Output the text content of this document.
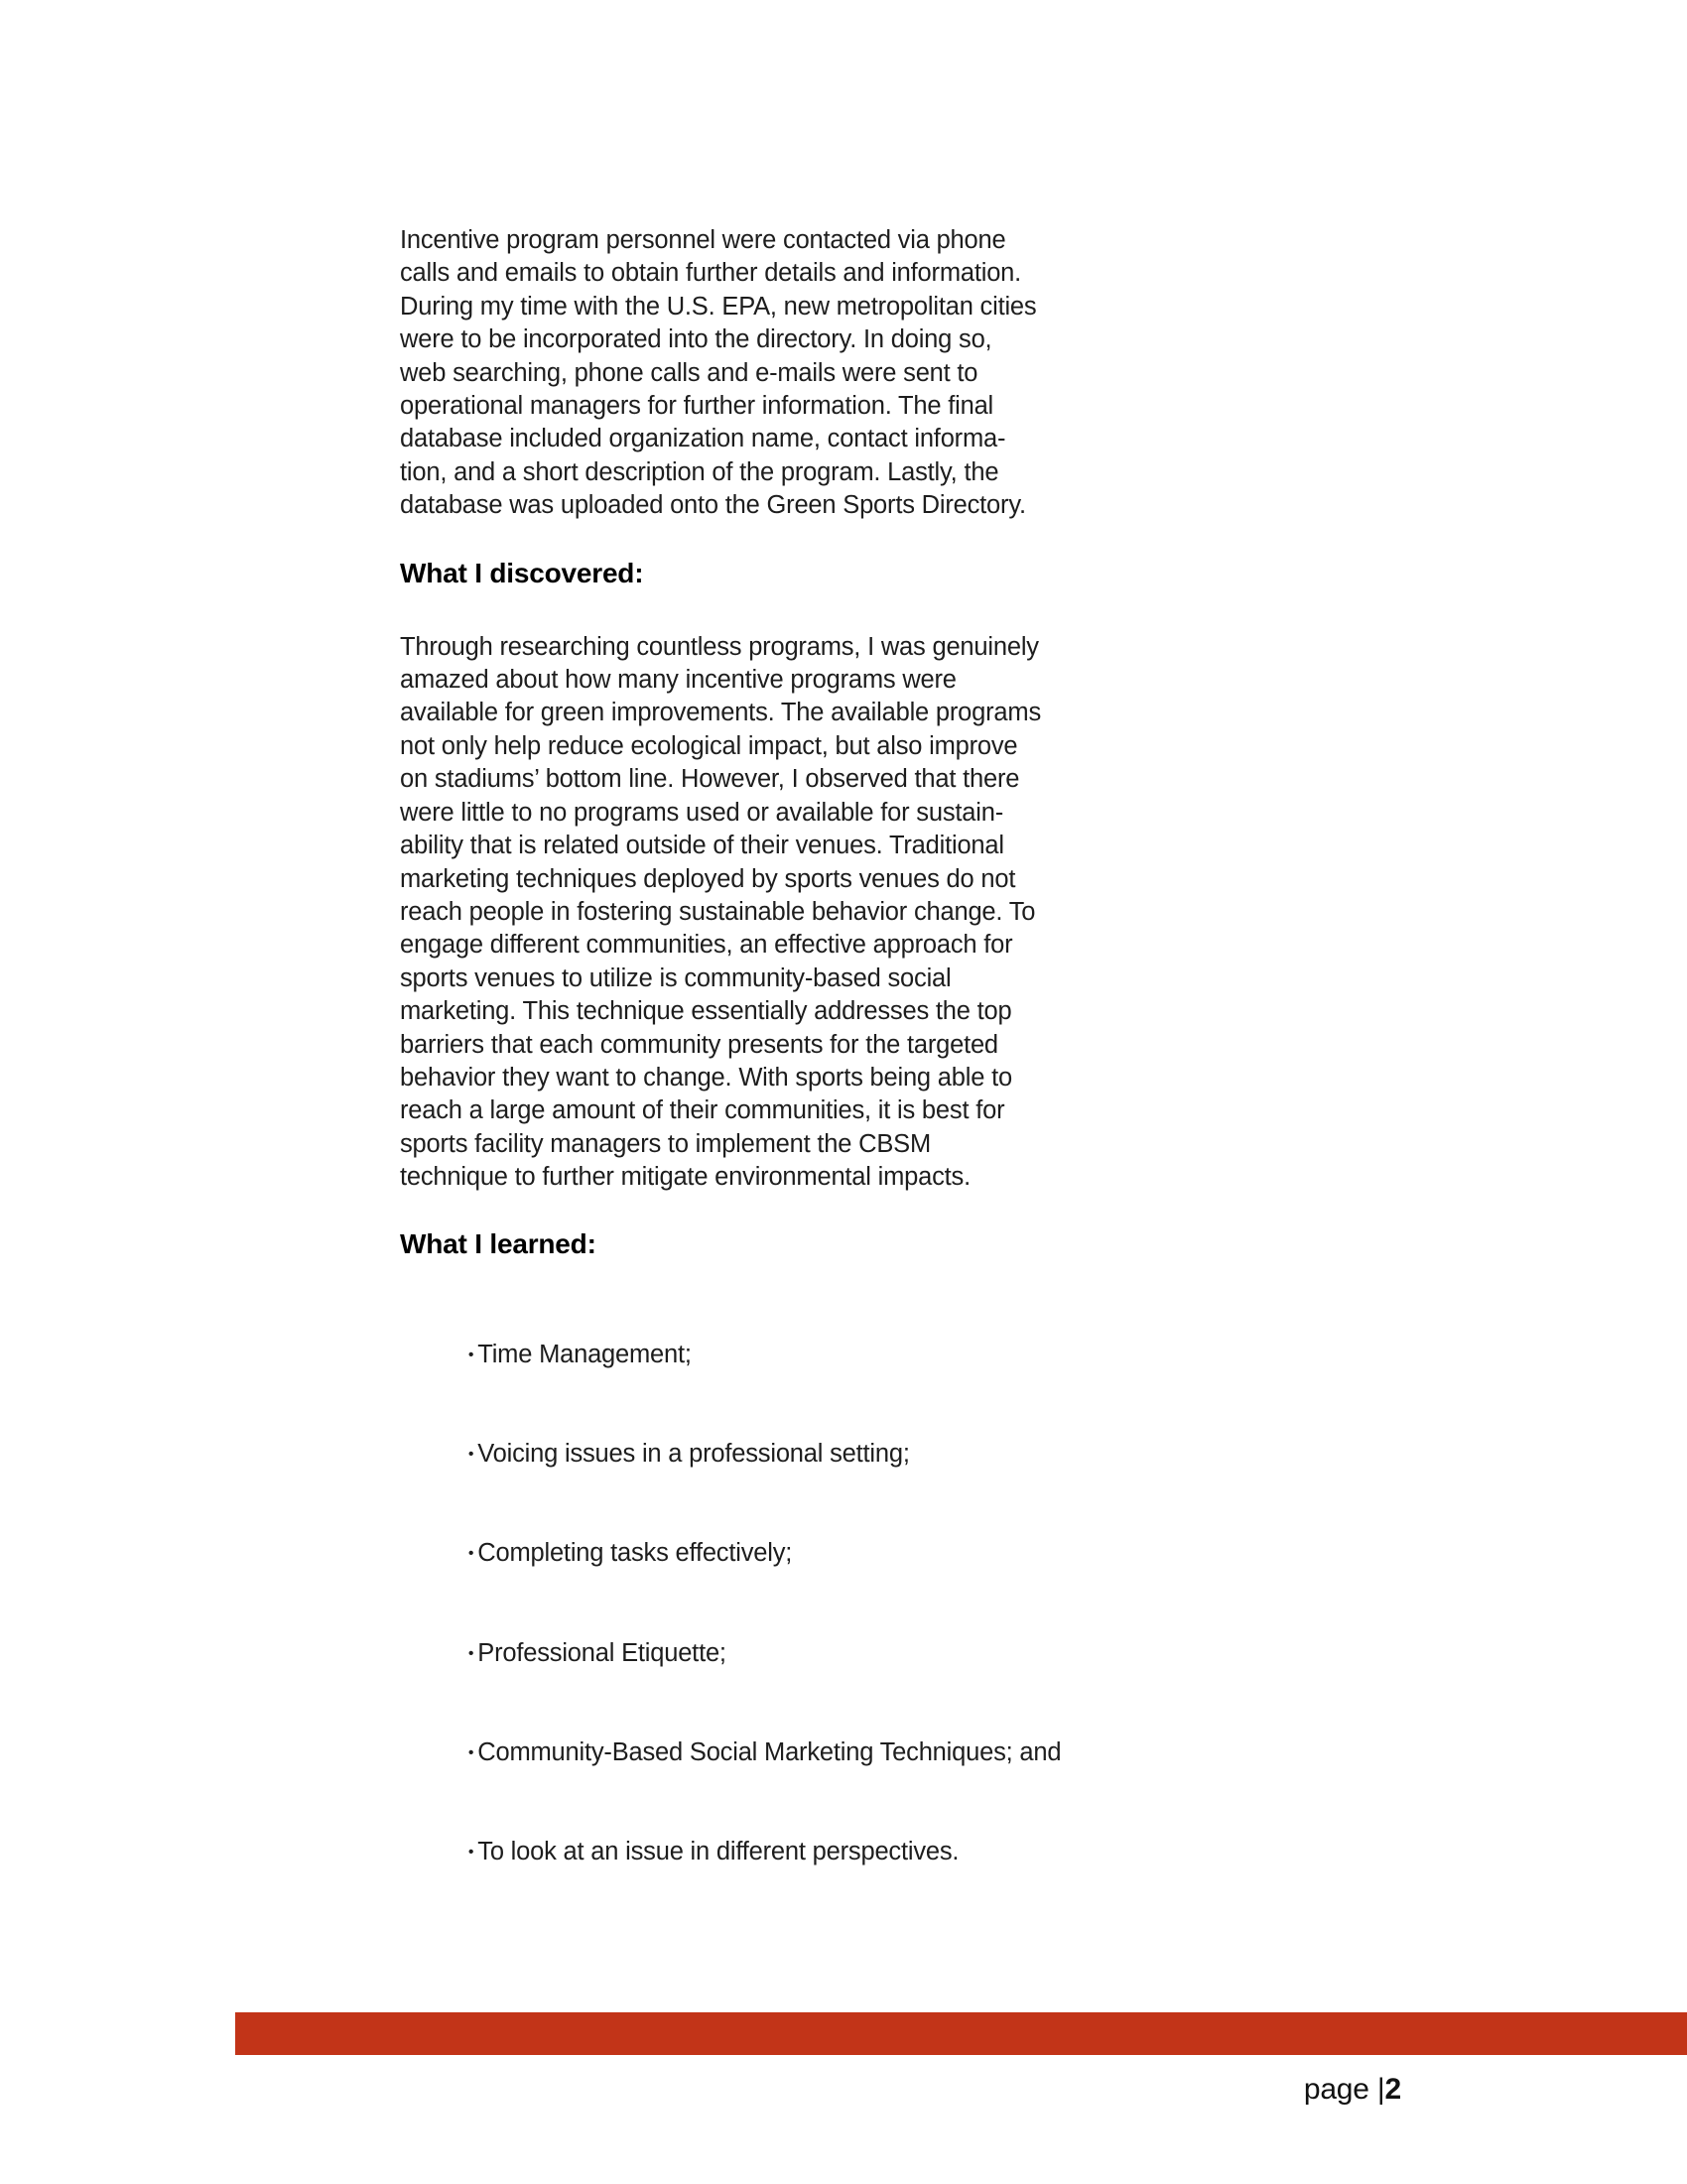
Incentive program personnel were contacted via phone
calls and emails to obtain further details and information.
During my time with the U.S. EPA, new metropolitan cities
were to be incorporated into the directory. In doing so,
web searching, phone calls and e-mails were sent to
operational managers for further information. The final
database included organization name, contact informa-
tion, and a short description of the program. Lastly, the
database was uploaded onto the Green Sports Directory.
What I discovered:
Through researching countless programs, I was genuinely
amazed about how many incentive programs were
available for green improvements. The available programs
not only help reduce ecological impact, but also improve
on stadiums’ bottom line. However, I observed that there
were little to no programs used or available for sustain-
ability that is related outside of their venues. Traditional
marketing techniques deployed by sports venues do not
reach people in fostering sustainable behavior change. To
engage different communities, an effective approach for
sports venues to utilize is community-based social
marketing. This technique essentially addresses the top
barriers that each community presents for the targeted
behavior they want to change. With sports being able to
reach a large amount of their communities, it is best for
sports facility managers to implement the CBSM
technique to further mitigate environmental impacts.
What I learned:

• Time Management;

• Voicing issues in a professional setting;

• Completing tasks effectively;

• Professional Etiquette;

• Community-Based Social Marketing Techniques; and

• To look at an issue in different perspectives.

page |2
